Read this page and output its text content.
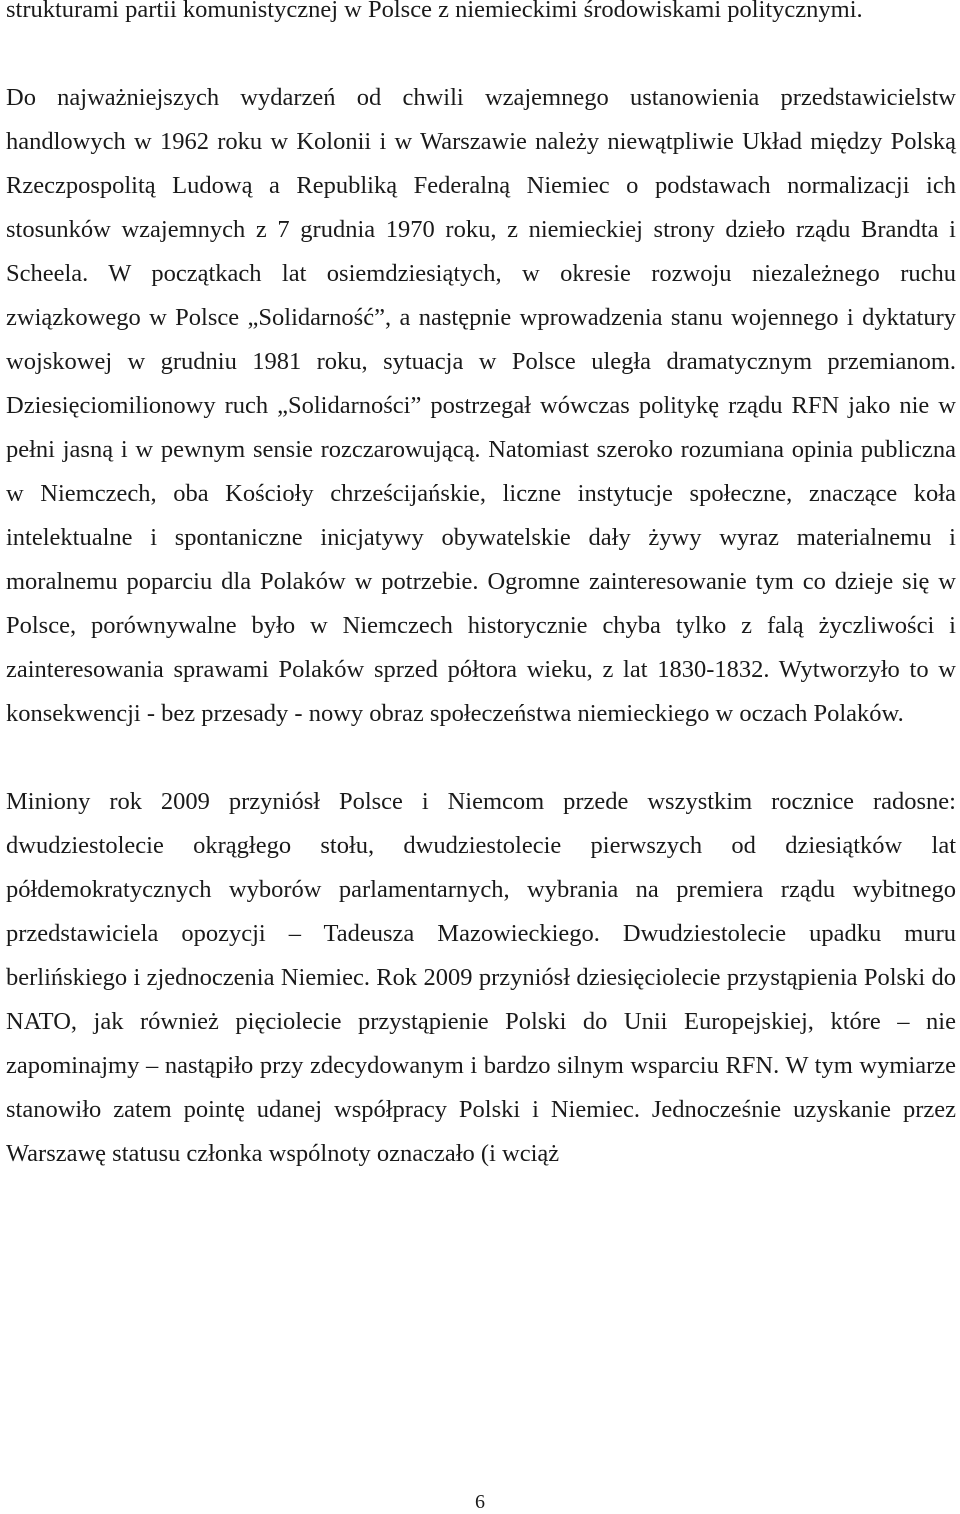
strukturami partii komunistycznej w Polsce z niemieckimi środowiskami politycznymi.

Do najważniejszych wydarzeń od chwili wzajemnego ustanowienia przedstawicielstw handlowych w 1962 roku w Kolonii i w Warszawie należy niewątpliwie Układ między Polską Rzeczpospolitą Ludową a Republiką Federalną Niemiec o podstawach normalizacji ich stosunków wzajemnych z 7 grudnia 1970 roku, z niemieckiej strony dzieło rządu Brandta i Scheela. W początkach lat osiemdziesiątych, w okresie rozwoju niezależnego ruchu związkowego w Polsce „Solidarność”, a następnie wprowadzenia stanu wojennego i dyktatury wojskowej w grudniu 1981 roku, sytuacja w Polsce uległa dramatycznym przemianom. Dziesięciomilionowy ruch „Solidarności” postrzegał wówczas politykę rządu RFN jako nie w pełni jasną i w pewnym sensie rozczarowującą. Natomiast szeroko rozumiana opinia publiczna w Niemczech, oba Kościoły chrześcijańskie, liczne instytucje społeczne, znaczące koła intelektualne i spontaniczne inicjatywy obywatelskie dały żywy wyraz materialnemu i moralnemu poparciu dla Polaków w potrzebie. Ogromne zainteresowanie tym co dzieje się w Polsce, porównywalne było w Niemczech historycznie chyba tylko z falą życzliwości i zainteresowania sprawami Polaków sprzed półtora wieku, z lat 1830-1832. Wytworzyło to w konsekwencji - bez przesady - nowy obraz społeczeństwa niemieckiego w oczach Polaków.

Miniony rok 2009 przyniósł Polsce i Niemcom przede wszystkim rocznice radosne: dwudziestolecie okrągłego stołu, dwudziestolecie pierwszych od dziesiątków lat półdemokratycznych wyborów parlamentarnych, wybrania na premiera rządu wybitnego przedstawiciela opozycji – Tadeusza Mazowieckiego. Dwudziestolecie upadku muru berlińskiego i zjednoczenia Niemiec. Rok 2009 przyniósł dziesięciolecie przystąpienia Polski do NATO, jak również pięciolecie przystąpienie Polski do Unii Europejskiej, które – nie zapominajmy – nastąpiło przy zdecydowanym i bardzo silnym wsparciu RFN. W tym wymiarze stanowiło zatem pointę udanej współpracy Polski i Niemiec. Jednocześnie uzyskanie przez Warszawę statusu członka wspólnoty oznaczało (i wciąż

6
